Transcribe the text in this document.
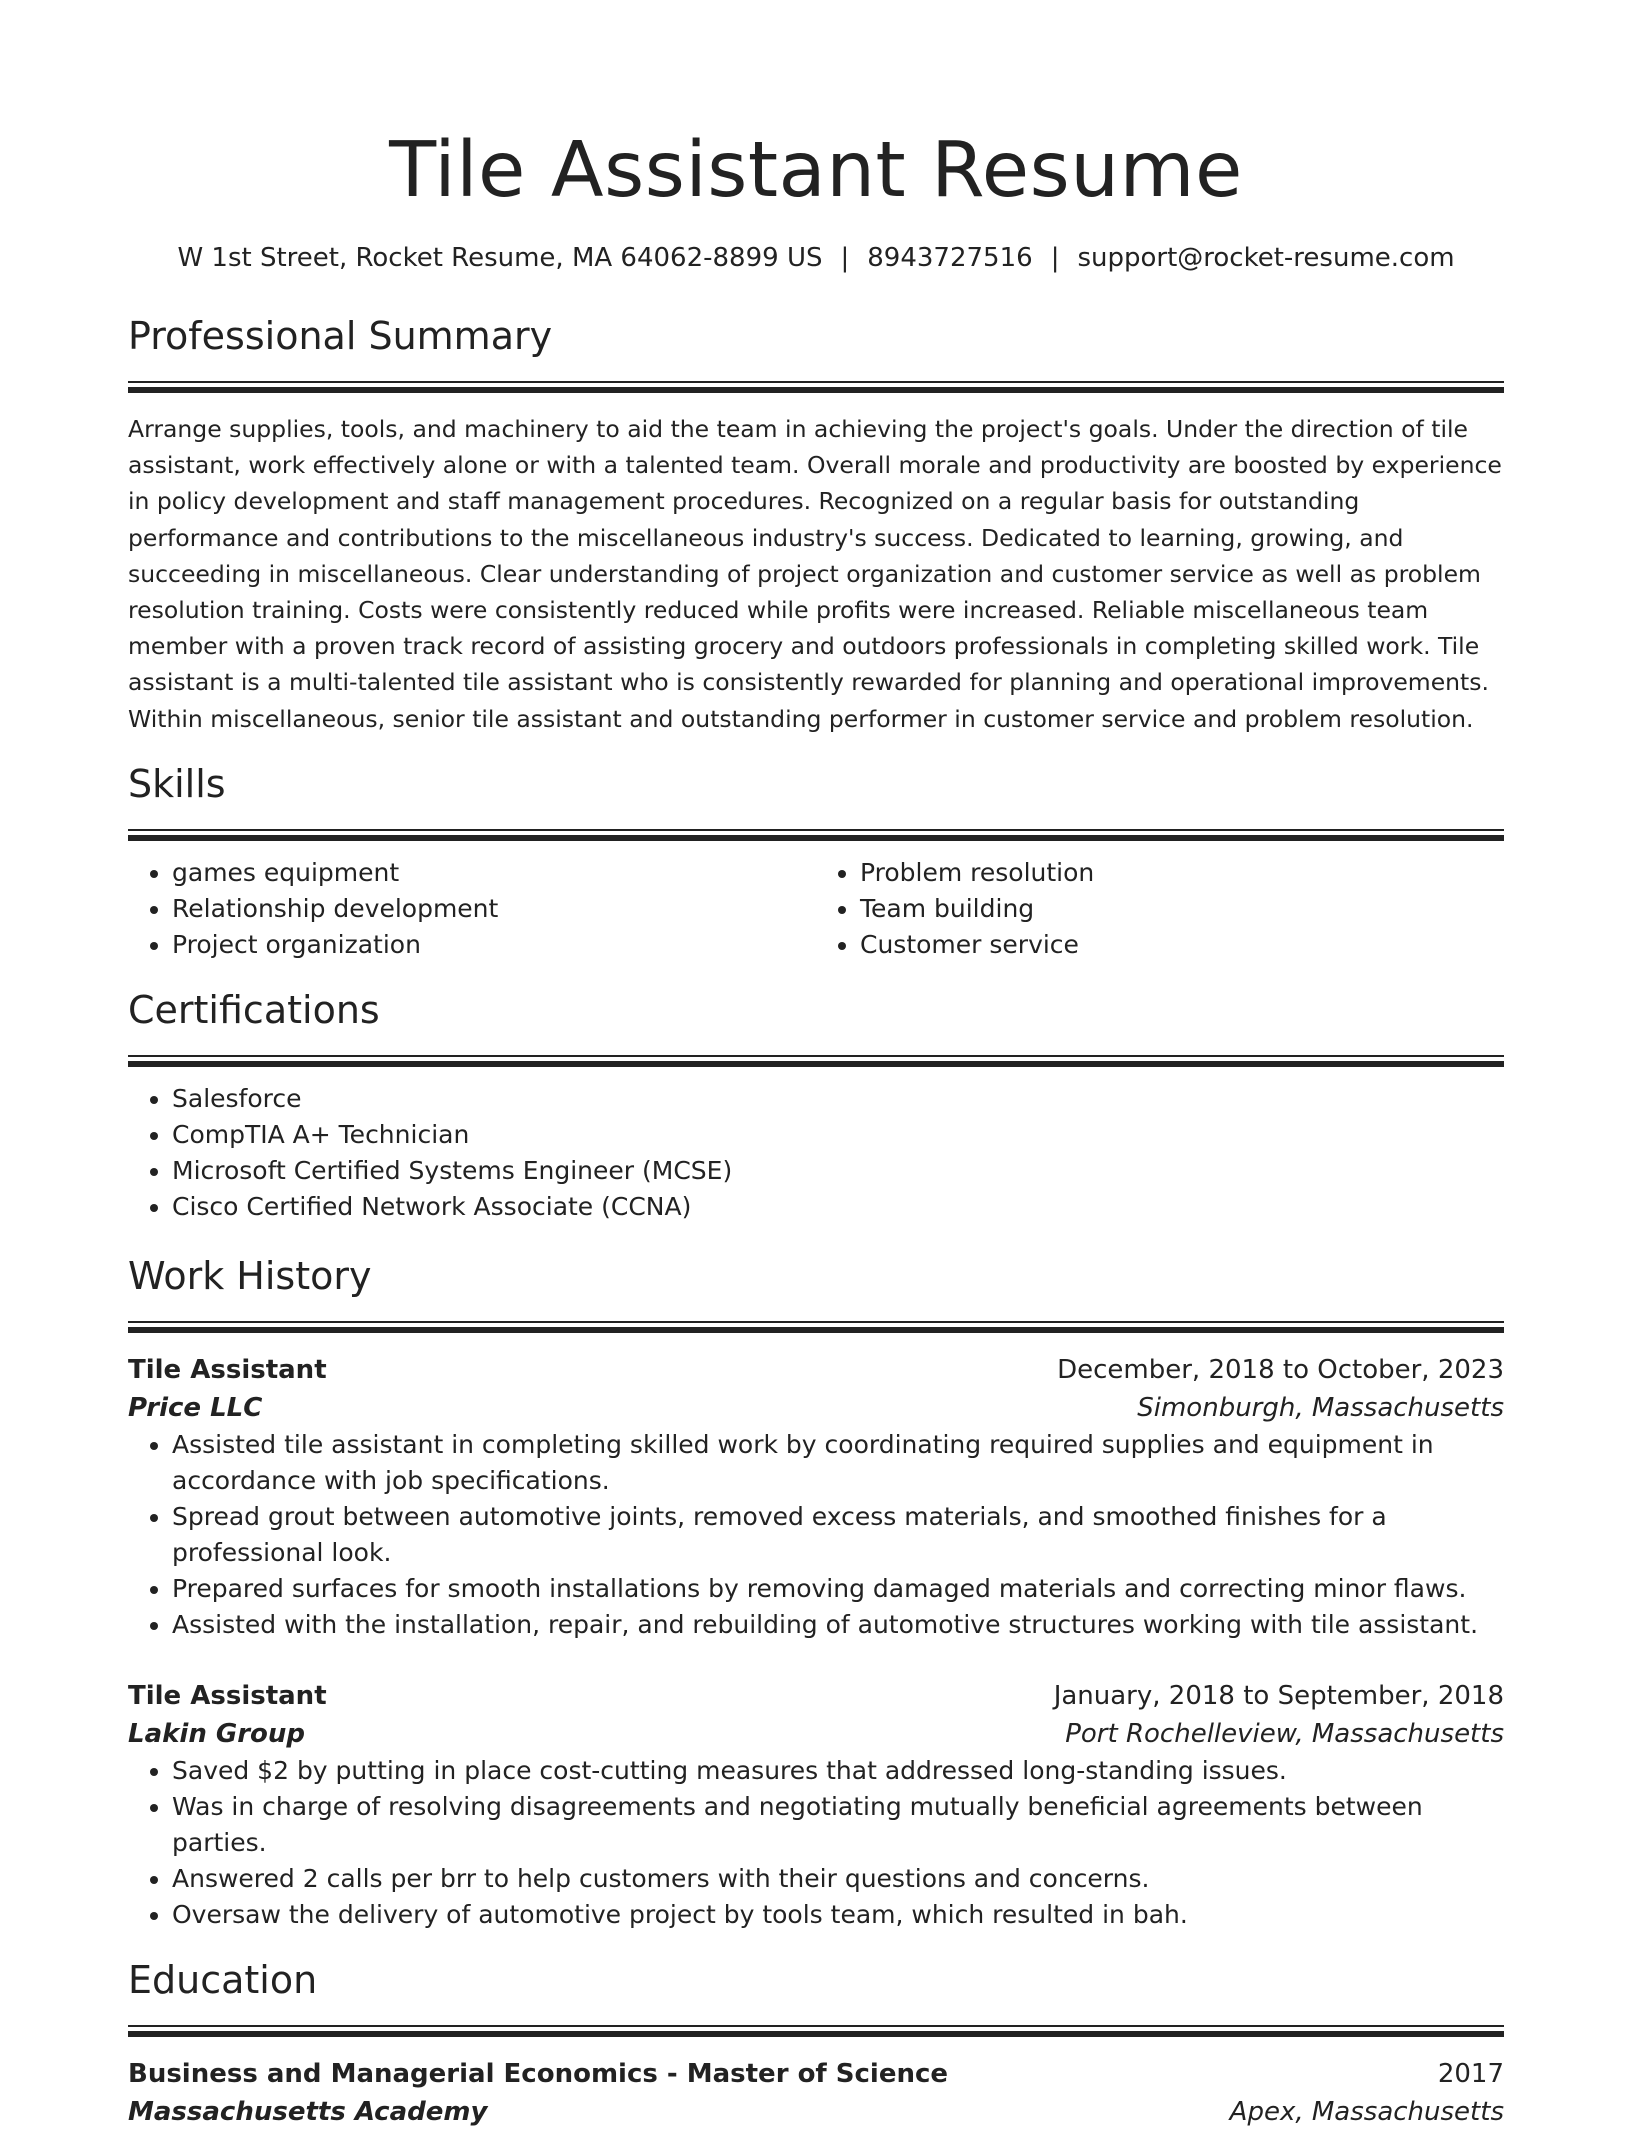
Tile Assistant Resume
W 1st Street, Rocket Resume, MA 64062-8899 US | 8943727516 | support@rocket-resume.com
Professional Summary

Arrange supplies, tools, and machinery to aid the team in achieving the project's goals. Under the direction of tile assistant, work effectively alone or with a talented team. Overall morale and productivity are boosted by experience in policy development and staff management procedures. Recognized on a regular basis for outstanding performance and contributions to the miscellaneous industry's success. Dedicated to learning, growing, and succeeding in miscellaneous. Clear understanding of project organization and customer service as well as problem resolution training. Costs were consistently reduced while profits were increased. Reliable miscellaneous team member with a proven track record of assisting grocery and outdoors professionals in completing skilled work. Tile assistant is a multi-talented tile assistant who is consistently rewarded for planning and operational improvements. Within miscellaneous, senior tile assistant and outstanding performer in customer service and problem resolution.

Skills
• games equipment
• Relationship development
• Project organization
• Problem resolution
• Team building
• Customer service
Certifications
• Salesforce
• CompTIA A+ Technician
• Microsoft Certified Systems Engineer (MCSE)
• Cisco Certified Network Associate (CCNA)
Work History
Tile Assistant	December, 2018 to October, 2023
Price LLC	Simonburgh, Massachusetts
• Assisted tile assistant in completing skilled work by coordinating required supplies and equipment in accordance with job specifications.
• Spread grout between automotive joints, removed excess materials, and smoothed finishes for a professional look.
• Prepared surfaces for smooth installations by removing damaged materials and correcting minor flaws.
• Assisted with the installation, repair, and rebuilding of automotive structures working with tile assistant.
Tile Assistant	January, 2018 to September, 2018
Lakin Group	Port Rochelleview, Massachusetts
• Saved $2 by putting in place cost-cutting measures that addressed long-standing issues.
• Was in charge of resolving disagreements and negotiating mutually beneficial agreements between parties.
• Answered 2 calls per brr to help customers with their questions and concerns.
• Oversaw the delivery of automotive project by tools team, which resulted in bah.
Education
Business and Managerial Economics - Master of Science	2017
Massachusetts Academy	Apex, Massachusetts
